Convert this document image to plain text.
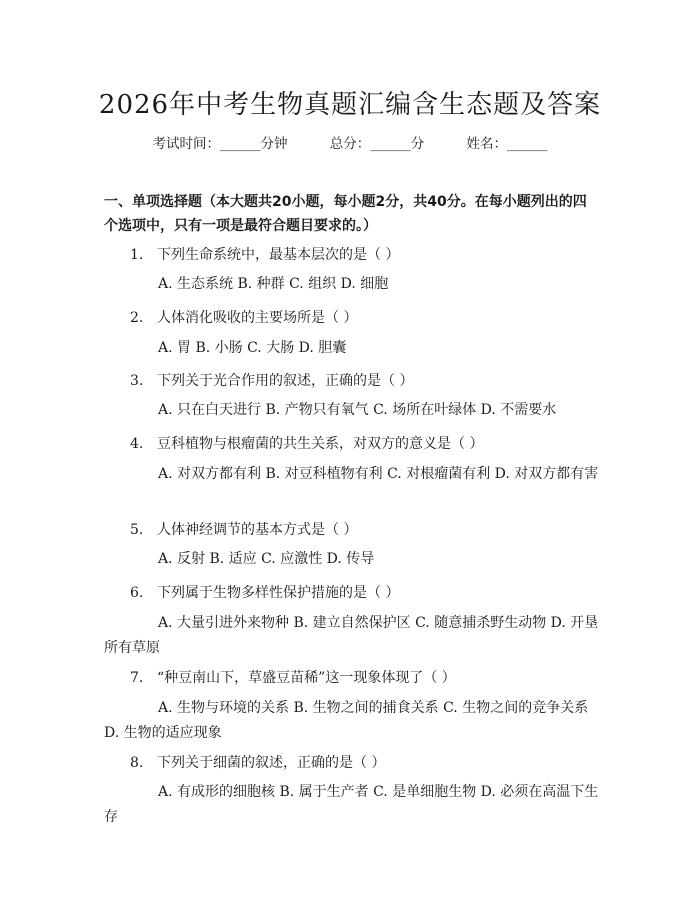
2026年中考生物真题汇编含生态题及答案
考试时间：______分钟	总分：______分	姓名：______
一、单项选择题（本大题共20小题，每小题2分，共40分。在每小题列出的四个选项中，只有一项是最符合题目要求的。）
1. 下列生命系统中，最基本层次的是（ ）
A. 生态系统 B. 种群 C. 组织 D. 细胞
2. 人体消化吸收的主要场所是（ ）
A. 胃 B. 小肠 C. 大肠 D. 胆囊
3. 下列关于光合作用的叙述，正确的是（ ）
A. 只在白天进行 B. 产物只有氧气 C. 场所在叶绿体 D. 不需要水
4. 豆科植物与根瘤菌的共生关系，对双方的意义是（ ）
A. 对双方都有利 B. 对豆科植物有利 C. 对根瘤菌有利 D. 对双方都有害
5. 人体神经调节的基本方式是（ ）
A. 反射 B. 适应 C. 应激性 D. 传导
6. 下列属于生物多样性保护措施的是（ ）
A. 大量引进外来物种 B. 建立自然保护区 C. 随意捕杀野生动物 D. 开垦所有草原
7. “种豆南山下，草盛豆苗稀”这一现象体现了（ ）
A. 生物与环境的关系 B. 生物之间的捕食关系 C. 生物之间的竞争关系 D. 生物的适应现象
8. 下列关于细菌的叙述，正确的是（ ）
A. 有成形的细胞核 B. 属于生产者 C. 是单细胞生物 D. 必须在高温下生存
